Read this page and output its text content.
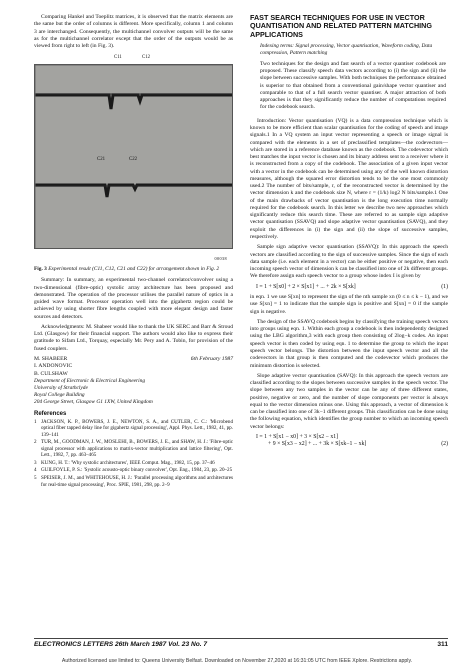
Comparing Hankel and Toeplitz matrices, it is observed that the matrix elements are the same but the order of columns is different. More specifically, column 1 and column 3 are interchanged. Consequently, the multichannel convolver outputs will be the same as for the multichannel correlator except that the order of the outputs would be as viewed from right to left (in Fig. 3).

C11	C12
C21	C22
00038

Fig. 3 Experimental result (C11, C12, C21 and C22) for arrangement shown in Fig. 2

Summary: In summary, an experimental two-channel correlator/convolver using a two-dimensional (fibre-optic) systolic array architecture has been proposed and demonstrated. The operation of the processor utilises the parallel nature of optics in a guided wave format. Processor operation well into the gigahertz region could be achieved by using shorter fibre lengths coupled with more elegant design and faster sources and detectors.

Acknowledgments: M. Shabeer would like to thank the UK SERC and Barr & Stroud Ltd. (Glasgow) for their financial support. The authors would also like to express their gratitude to Sifam Ltd., Torquay, especially Mr. Pery and A. Tobin, for provision of the fused couplers.

M. SHABEER	6th February 1987
I. ANDONOVIC
B. CULSHAW
Department of Electronic & Electrical Engineering
University of Strathclyde
Royal College Building
204 George Street, Glasgow G1 1XW, United Kingdom
References
1 JACKSON, K. P., BOWERS, J. E., NEWTON, S. A., and CUTLER, C. C.: 'Microbend optical fiber tapped delay line for gigahertz signal processing', Appl. Phys. Lett., 1982, 41, pp. 139–141
2 TUR, M., GOODMAN, J. W., MOSLEHI, B., BOWERS, J. E., and SHAW, H. J.: 'Fibre-optic signal processor with applications to matrix-vector multiplication and lattice filtering', Opt. Lett., 1982, 7, pp. 463–465
3 KUNG, H. T.: 'Why systolic architectures', IEEE Comput. Mag., 1982, 15, pp. 37–46
4 GUILFOYLE, P. S.: 'Systolic acousto-optic binary convolver', Opt. Eng., 1984, 23, pp. 20–25
5 SPEISER, J. M., and WHITEHOUSE, H. J.: 'Parallel processing algorithms and architectures for real-time signal processing', Proc. SPIE, 1981, 298, pp. 2–9
FAST SEARCH TECHNIQUES FOR USE IN VECTOR QUANTISATION AND RELATED PATTERN MATCHING APPLICATIONS

Indexing terms: Signal processing, Vector quantisation, Waveform coding, Data compression, Pattern matching

Two techniques for the design and fast search of a vector quantiser codebook are proposed. These classify speech data vectors according to (i) the sign and (ii) the slope between successive samples. With both techniques the performance obtained is superior to that obtained from a conventional gain/shape vector quantiser and comparable to that of a full search vector quantiser. A major attraction of both approaches is that they significantly reduce the number of computations required for the codebook search.

Introduction: Vector quantisation (VQ) is a data compression technique which is known to be more efficient than scalar quantisation for the coding of speech and image signals.1 In a VQ system an input vector representing a speech or image signal is compared with the elements in a set of preclassified templates—the codevectors—which are stored in a reference database known as the codebook. The codevector which best matches the input vector is chosen and its binary address sent to a receiver where it is reconstructed from a copy of the codebook. The association of a given input vector with a vector in the codebook can be determined using any of the well known distortion measures, although the squared error distortion tends to be the one most commonly used.2 The number of bits/sample, r, of the reconstructed vector is determined by the vector dimension k and the codebook size N, where r = (1/k) log2 N bits/sample.1 One of the main drawbacks of vector quantisation is the long execution time normally required for the codebook search. In this letter we describe two new approaches which significantly reduce this search time. These are referred to as sample sign adaptive vector quantisation (SSAVQ) and slope adaptive vector quantisation (SAVQ), and they exploit the differences in (i) the sign and (ii) the slope of successive samples, respectively.

Sample sign adaptive vector quantisation (SSAVQ): In this approach the speech vectors are classified according to the sign of successive samples. Since the sign of each data sample (i.e. each element in a vector) can be either positive or negative, then each incoming speech vector of dimension k can be classified into one of 2k different groups. We therefore assign each speech vector to a group whose index I is given by

I = 1 + S[x0] + 2 × S[x1] + ... + 2k × S[xk]	(1)

in eqn. 1 we use S[xn] to represent the sign of the nth sample xn (0 ≤ n ≤ k − 1), and we use S[xn] = 1 to indicate that the sample sign is positive and S[xn] = 0 if the sample sign is negative.

The design of the SSAVQ codebook begins by classifying the training speech vectors into groups using eqn. 1. Within each group a codebook is then independently designed using the LBG algorithm,3 with each group then consisting of 2log−k codes. An input speech vector is then coded by using eqn. 1 to determine the group to which the input speech vector belongs. The distortion between the input speech vector and all the codevectors in that group is then computed and the codevector which produces the minimum distortion is selected.

Slope adaptive vector quantisation (SAVQ): In this approach the speech vectors are classified according to the slopes between successive samples in the speech vector. The slope between any two samples in the vector can be any of three different states, positive, negative or zero, and the number of slope components per vector is always equal to the vector dimension minus one. Using this approach, a vector of dimension k can be classified into one of 3k−1 different groups. This classification can be done using the following equation, which identifies the group number to which an incoming speech vector belongs:

I = 1 + S[x1 − x0] + 3 × S[x2 − x1]
+ 9 × S[x3 − x2] + ... + 3k × S[xk−1 − xk]	(2)
ELECTRONICS LETTERS 26th March 1987 Vol. 23 No. 7	311
Authorized licensed use limited to: Queens University Belfast. Downloaded on November 27,2020 at 16:31:05 UTC from IEEE Xplore. Restrictions apply.
